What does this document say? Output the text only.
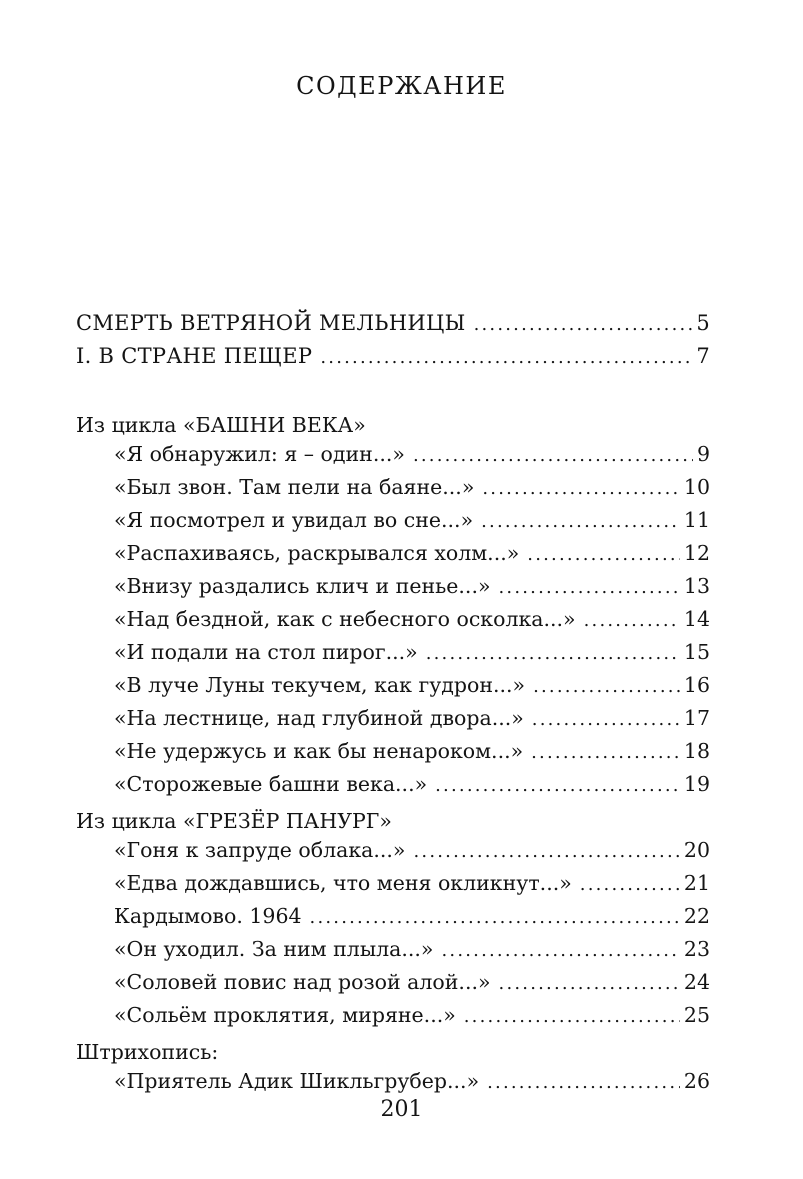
СОДЕРЖАНИЕ
СМЕРТЬ ВЕТРЯНОЙ МЕЛЬНИЦЫ .....	5
I. В СТРАНЕ ПЕЩЕР .....	7
Из цикла «БАШНИ ВЕКА»
«Я обнаружил: я – один...» .....	9
«Был звон. Там пели на баяне...» .....	10
«Я посмотрел и увидал во сне...» .....	11
«Распахиваясь, раскрывался холм...» .....	12
«Внизу раздались клич и пенье...» .....	13
«Над бездной, как с небесного осколка...» .....	14
«И подали на стол пирог...» .....	15
«В луче Луны текучем, как гудрон...» .....	16
«На лестнице, над глубиной двора...» .....	17
«Не удержусь и как бы ненароком...» .....	18
«Сторожевые башни века...» .....	19
Из цикла «ГРЕЗЁР ПАНУРГ»
«Гоня к запруде облака...» .....	20
«Едва дождавшись, что меня окликнут...» .....	21
Кардымово. 1964 .....	22
«Он уходил. За ним плыла...» .....	23
«Соловей повис над розой алой...» .....	24
«Сольём проклятия, миряне...» .....	25
Штрихопись:
«Приятель Адик Шикльгрубер...» .....	26
201
